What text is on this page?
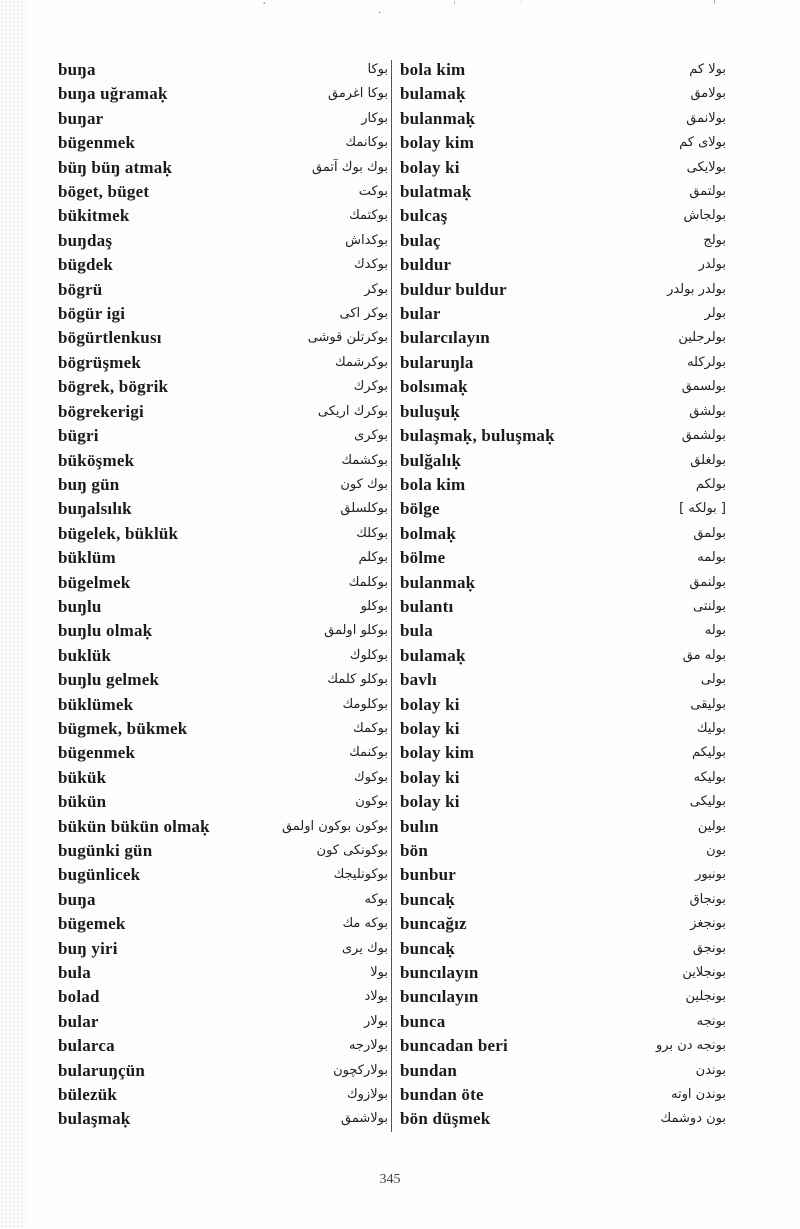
·
ٰ ٰ
buŋa	بوكا
buŋa uğramaḳ	بوكا اغرمق
buŋar	بوكار
bügenmek	بوكانمك
büŋ büŋ atmaḳ	بوك بوك آتمق
böget, büget	بوكت
bükitmek	بوكتمك
buŋdaş	بوكداش
bügdek	بوكدك
bögrü	بوكر
bögür igi	بوكر اكى
bögürtlenkusı	بوكرتلن قوشى
bögrüşmek	بوكرشمك
bögrek, bögrik	بوكرك
bögrekerigi	بوكرك اريكى
bügri	بوكرى
büköşmek	بوكشمك
buŋ gün	بوك كون
buŋalsılık	بوكلسلق
bügelek, büklük	بوكلك
büklüm	بوكلم
bügelmek	بوكلمك
buŋlu	بوكلو
buŋlu olmaḳ	بوكلو اولمق
buklük	بوكلوك
buŋlu gelmek	بوكلو كلمك
büklümek	بوكلومك
bügmek, bükmek	بوكمك
bügenmek	بوكنمك
bükük	بوكوك
bükün	بوكون
bükün bükün olmaḳ	بوكون بوكون اولمق
bugünki gün	بوكونكى كون
bugünlicek	بوكونليجك
buŋa	بوكه
bügemek	بوكه مك
buŋ yiri	بوك يرى
bula	بولا
bolad	بولاد
bular	بولار
bularca	بولارجه
bularuŋçün	بولاركچون
bülezük	بولازوك
bulaşmaḳ	بولاشمق
bola kim	بولا كم
bulamaḳ	بولامق
bulanmaḳ	بولانمق
bolay kim	بولاى كم
bolay ki	بولايكى
bulatmaḳ	بولتمق
bulcaş	بولجاش
bulaç	بولج
buldur	بولدر
buldur buldur	بولدر بولدر
bular	بولر
bularcılayın	بولرجلين
bularuŋla	بولركله
bolsımaḳ	بولسمق
buluşuḳ	بولشق
bulaşmaḳ, buluşmaḳ	بولشمق
bulğalıḳ	بولغلق
bola kim	بولكم
bölge	[ بولكه ]
bolmaḳ	بولمق
bölme	بولمه
bulanmaḳ	بولنمق
bulantı	بولنتى
bula	بوله
bulamaḳ	بوله مق
bavlı	بولى
bolay ki	بوليقى
bolay ki	بوليك
bolay kim	بوليكم
bolay ki	بوليكه
bolay ki	بوليكى
bulın	بولين
bön	بون
bunbur	بونبور
buncaḳ	بونجاق
buncağız	بونجغز
buncaḳ	بونجق
buncılayın	بونجلاين
buncılayın	بونجلين
bunca	بونجه
buncadan beri	بونجه دن برو
bundan	بوندن
bundan öte	بوندن اوته
bön düşmek	بون دوشمك
345
